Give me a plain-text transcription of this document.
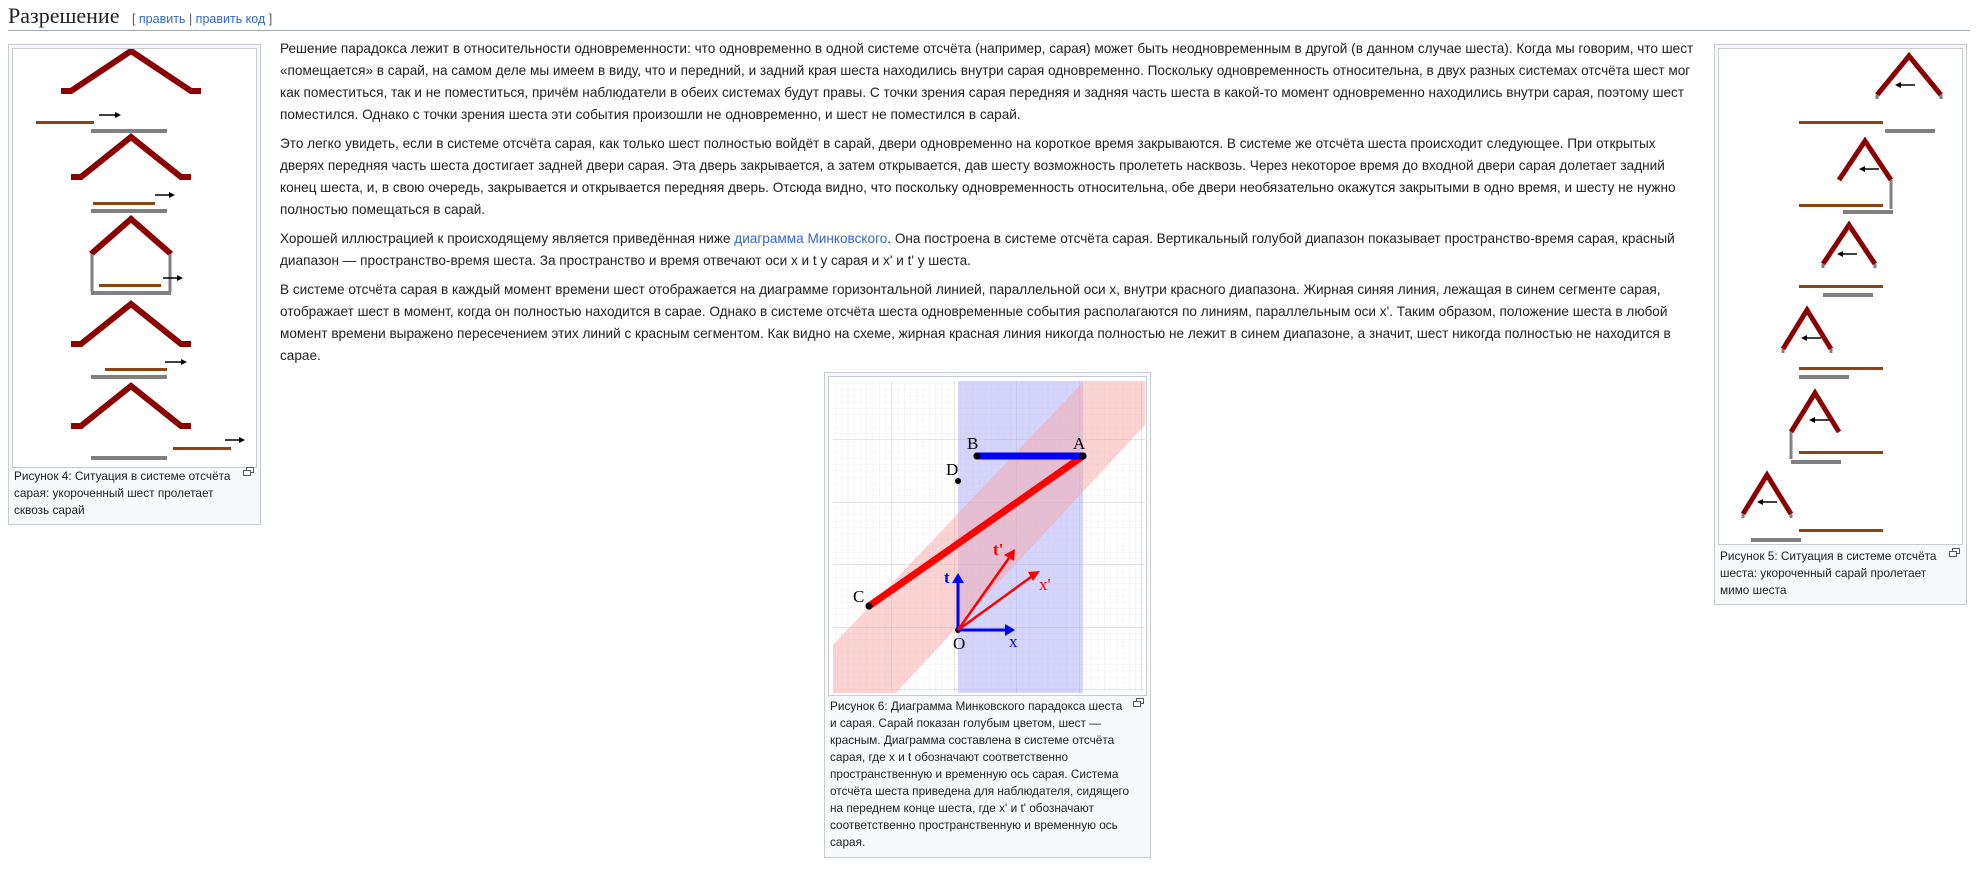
Разрешение [ править | править код ]
Рисунок 4: Ситуация в системе отсчёта сарая: укороченный шест пролетает сквозь сарай
Рисунок 5: Ситуация в системе отсчёта шеста: укороченный сарай пролетает мимо шеста

Решение парадокса лежит в относительности одновременности: что одновременно в одной системе отсчёта (например, сарая) может быть неодновременным в другой (в данном случае шеста). Когда мы говорим, что шест «помещается» в сарай, на самом деле мы имеем в виду, что и передний, и задний края шеста находились внутри сарая одновременно. Поскольку одновременность относительна, в двух разных системах отсчёта шест мог как поместиться, так и не поместиться, причём наблюдатели в обеих системах будут правы. С точки зрения сарая передняя и задняя часть шеста в какой-то момент одновременно находились внутри сарая, поэтому шест поместился. Однако с точки зрения шеста эти события произошли не одновременно, и шест не поместился в сарай.

Это легко увидеть, если в системе отсчёта сарая, как только шест полностью войдёт в сарай, двери одновременно на короткое время закрываются. В системе же отсчёта шеста происходит следующее. При открытых дверях передняя часть шеста достигает задней двери сарая. Эта дверь закрывается, а затем открывается, дав шесту возможность пролететь насквозь. Через некоторое время до входной двери сарая долетает задний конец шеста, и, в свою очередь, закрывается и открывается передняя дверь. Отсюда видно, что поскольку одновременность относительна, обе двери необязательно окажутся закрытыми в одно время, и шесту не нужно полностью помещаться в сарай.

Хорошей иллюстрацией к происходящему является приведённая ниже диаграмма Минковского. Она построена в системе отсчёта сарая. Вертикальный голубой диапазон показывает пространство-время сарая, красный диапазон — пространство-время шеста. За пространство и время отвечают оси x и t у сарая и x' и t' у шеста.

В системе отсчёта сарая в каждый момент времени шест отображается на диаграмме горизонтальной линией, параллельной оси x, внутри красного диапазона. Жирная синяя линия, лежащая в синем сегменте сарая, отображает шест в момент, когда он полностью находится в сарае. Однако в системе отсчёта шеста одновременные события располагаются по линиям, параллельным оси x'. Таким образом, положение шеста в любой момент времени выражено пересечением этих линий с красным сегментом. Как видно на схеме, жирная красная линия никогда полностью не лежит в синем диапазоне, а значит, шест никогда полностью не находится в сарае.

A
B
C
D
O	x
t	x'
t'
Рисунок 6: Диаграмма Минковского парадокса шеста и сарая. Сарай показан голубым цветом, шест — красным. Диаграмма составлена в системе отсчёта сарая, где x и t обозначают соответственно пространственную и временную ось сарая. Система отсчёта шеста приведена для наблюдателя, сидящего на переднем конце шеста, где x' и t' обозначают соответственно пространственную и временную ось сарая.
